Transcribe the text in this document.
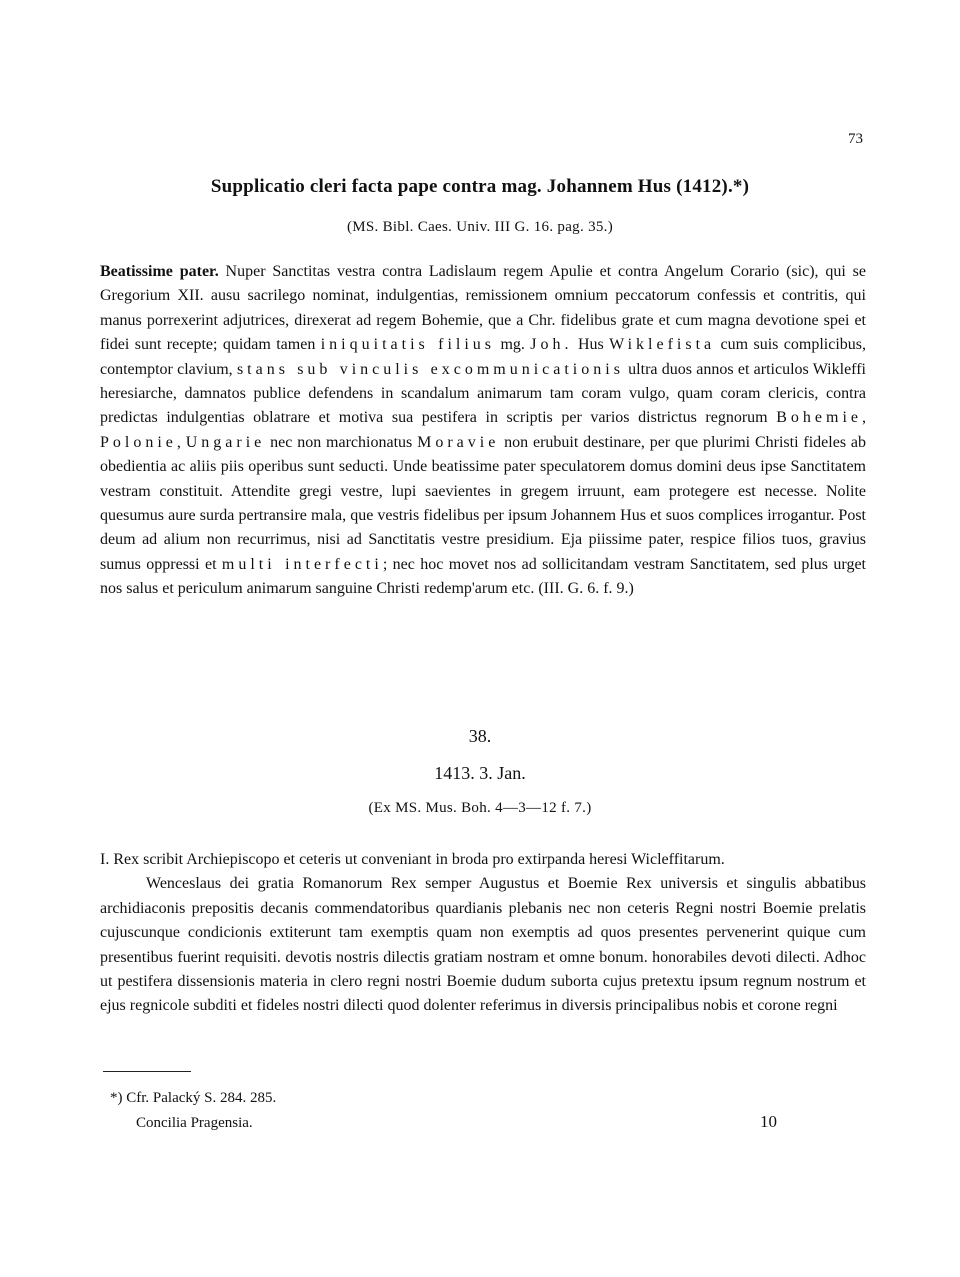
73
Supplicatio cleri facta pape contra mag. Johannem Hus (1412).*)
(MS. Bibl. Caes. Univ. III G. 16. pag. 35.)

Beatissime pater. Nuper Sanctitas vestra contra Ladislaum regem Apulie et contra Angelum Corario (sic), qui se Gregorium XII. ausu sacrilego nominat, indulgentias, remissionem omnium peccatorum confessis et contritis, qui manus porrexerint adjutrices, direxerat ad regem Bohemie, que a Chr. fidelibus grate et cum magna devotione spei et fidei sunt recepte; quidam tamen iniquitatis filius mg. Joh. Hus Wiklefista cum suis complicibus, contemptor clavium, stans sub vinculis excommunicationis ultra duos annos et articulos Wikleffi heresiarche, damnatos publice defendens in scandalum animarum tam coram vulgo, quam coram clericis, contra predictas indulgentias oblatrare et motiva sua pestifera in scriptis per varios districtus regnorum Bohemie, Polonie, Ungarie nec non marchionatus Moravie non erubuit destinare, per que plurimi Christi fideles ab obedientia ac aliis piis operibus sunt seducti. Unde beatissime pater speculatorem domus domini deus ipse Sanctitatem vestram constituit. Attendite gregi vestre, lupi saevientes in gregem irruunt, eam protegere est necesse. Nolite quesumus aure surda pertransire mala, que vestris fidelibus per ipsum Johannem Hus et suos complices irrogantur. Post deum ad alium non recurrimus, nisi ad Sanctitatis vestre presidium. Eja piissime pater, respice filios tuos, gravius sumus oppressi et multi interfecti; nec hoc movet nos ad sollicitandam vestram Sanctitatem, sed plus urget nos salus et periculum animarum sanguine Christi redemp'arum etc. (III. G. 6. f. 9.)

38.
1413. 3. Jan.
(Ex MS. Mus. Boh. 4—3—12 f. 7.)

I. Rex scribit Archiepiscopo et ceteris ut conveniant in broda pro extirpanda heresi Wicleffitarum.

Wenceslaus dei gratia Romanorum Rex semper Augustus et Boemie Rex universis et singulis abbatibus archidiaconis prepositis decanis commendatoribus quardianis plebanis nec non ceteris Regni nostri Boemie prelatis cujuscunque condicionis extiterunt tam exemptis quam non exemptis ad quos presentes pervenerint quique cum presentibus fuerint requisiti. devotis nostris dilectis gratiam nostram et omne bonum. honorabiles devoti dilecti. Adhoc ut pestifera dissensionis materia in clero regni nostri Boemie dudum suborta cujus pretextu ipsum regnum nostrum et ejus regnicole subditi et fideles nostri dilecti quod dolenter referimus in diversis principalibus nobis et corone regni

*) Cfr. Palacký S. 284. 285.
Concilia Pragensia.	10
